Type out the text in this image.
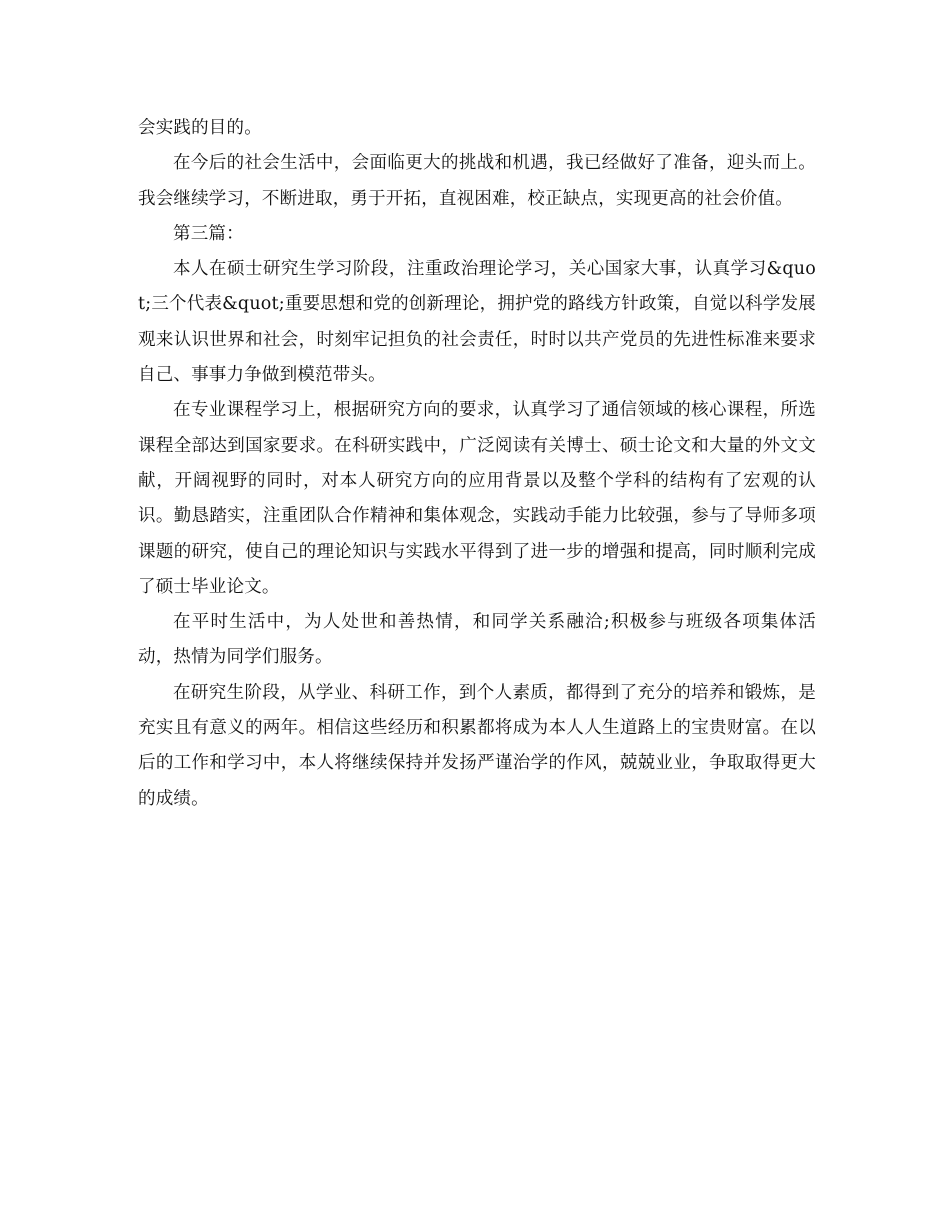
会实践的目的。

在今后的社会生活中，会面临更大的挑战和机遇，我已经做好了准备，迎头而上。我会继续学习，不断进取，勇于开拓，直视困难，校正缺点，实现更高的社会价值。

第三篇：

本人在硕士研究生学习阶段，注重政治理论学习，关心国家大事，认真学习&quot;三个代表&quot;重要思想和党的创新理论，拥护党的路线方针政策，自觉以科学发展观来认识世界和社会，时刻牢记担负的社会责任，时时以共产党员的先进性标准来要求自己、事事力争做到模范带头。

在专业课程学习上，根据研究方向的要求，认真学习了通信领域的核心课程，所选课程全部达到国家要求。在科研实践中，广泛阅读有关博士、硕士论文和大量的外文文献，开阔视野的同时，对本人研究方向的应用背景以及整个学科的结构有了宏观的认识。勤恳踏实，注重团队合作精神和集体观念，实践动手能力比较强，参与了导师多项课题的研究，使自己的理论知识与实践水平得到了进一步的增强和提高，同时顺利完成了硕士毕业论文。

在平时生活中，为人处世和善热情，和同学关系融洽;积极参与班级各项集体活动，热情为同学们服务。

在研究生阶段，从学业、科研工作，到个人素质，都得到了充分的培养和锻炼，是充实且有意义的两年。相信这些经历和积累都将成为本人人生道路上的宝贵财富。在以后的工作和学习中，本人将继续保持并发扬严谨治学的作风，兢兢业业，争取取得更大的成绩。
